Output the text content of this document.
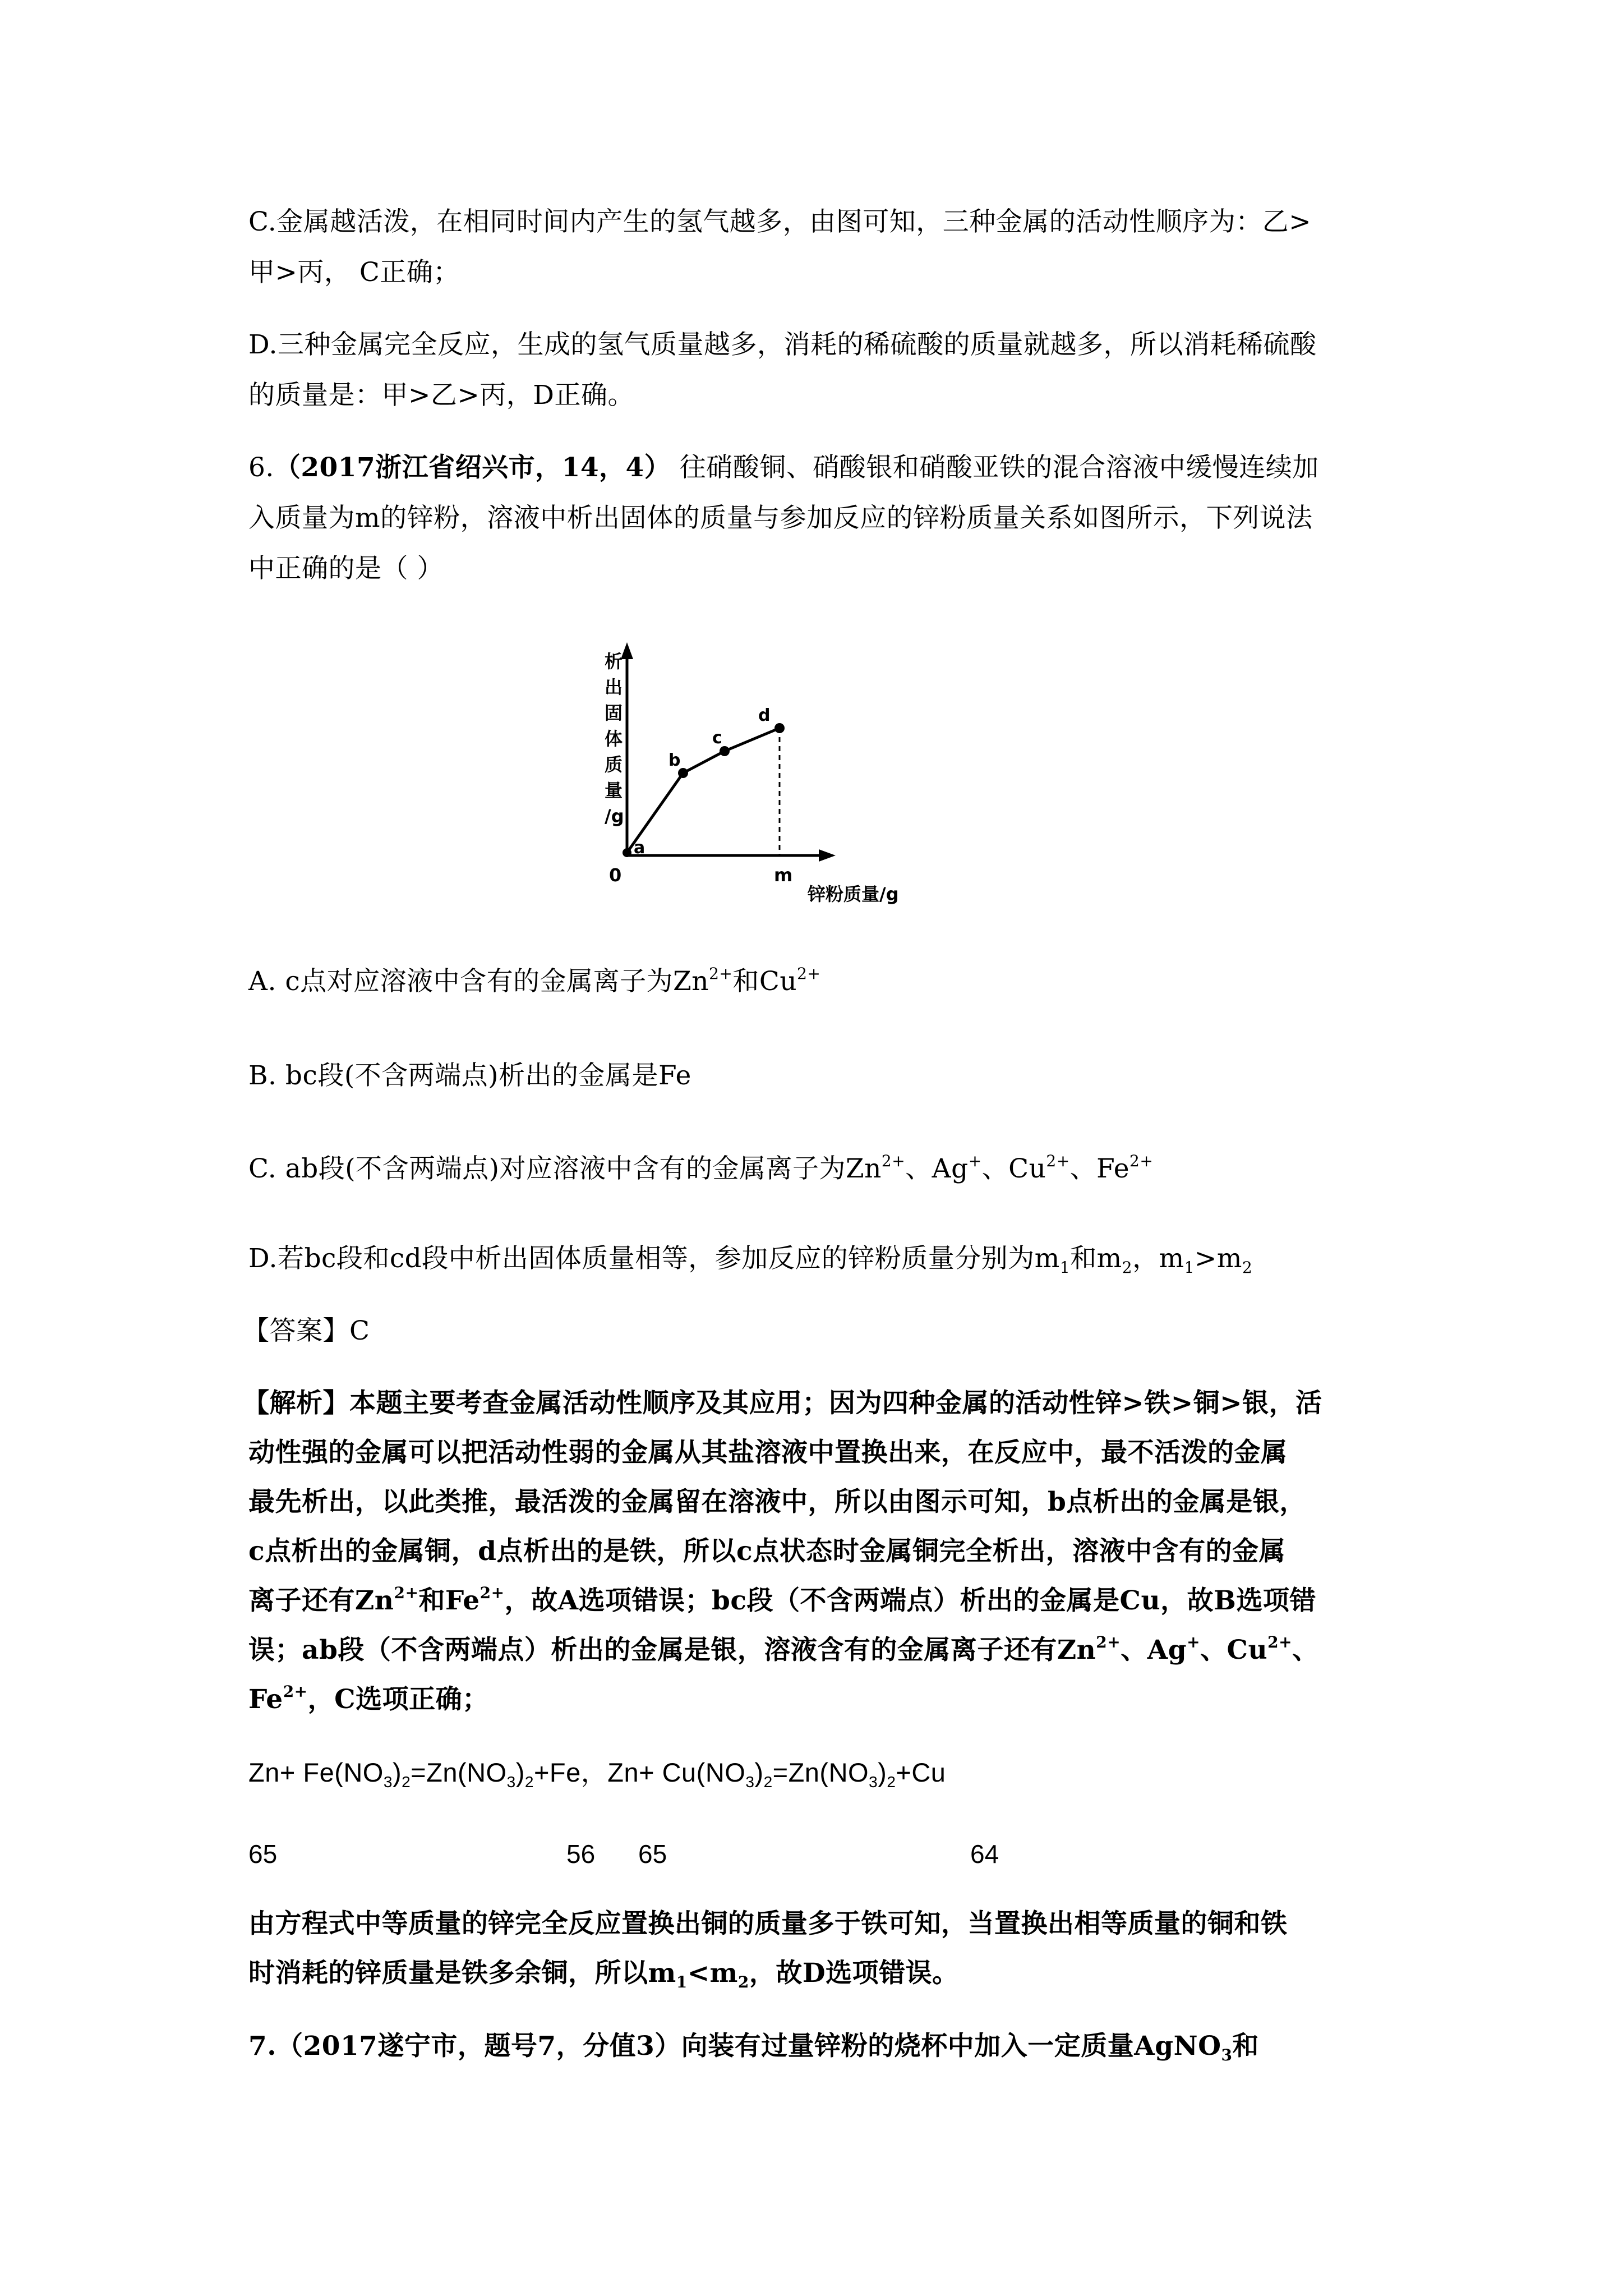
C.金属越活泼，在相同时间内产生的氢气越多，由图可知，三种金属的活动性顺序为：乙>
甲>丙， C正确；
D.三种金属完全反应，生成的氢气质量越多，消耗的稀硫酸的质量就越多，所以消耗稀硫酸
的质量是：甲>乙>丙，D正确。
6.（2017浙江省绍兴市，14，4） 往硝酸铜、硝酸银和硝酸亚铁的混合溶液中缓慢连续加
入质量为m的锌粉，溶液中析出固体的质量与参加反应的锌粉质量关系如图所示，下列说法
中正确的是（ ）
析
出
固
体
质
量
/g
a
b
c
d
0	m
锌粉质量/g
A. c点对应溶液中含有的金属离子为$Zn^{2+}$和$Cu^{2+}$
B. bc段(不含两端点)析出的金属是Fe
C. ab段(不含两端点)对应溶液中含有的金属离子为$Zn^{2+}$、Ag+、$Cu^{2+}$、$Fe^{2+}$
D.若bc段和cd段中析出固体质量相等，参加反应的锌粉质量分别为$m_1$和$m_2$，$m_1>m_2$
【答案】C
【解析】本题主要考查金属活动性顺序及其应用；因为四种金属的活动性锌>铁>铜>银，活
动性强的金属可以把活动性弱的金属从其盐溶液中置换出来，在反应中，最不活泼的金属
最先析出，以此类推，最活泼的金属留在溶液中，所以由图示可知，b点析出的金属是银，
c点析出的金属铜，d点析出的是铁，所以c点状态时金属铜完全析出，溶液中含有的金属
离子还有$Zn^{2+}$和$Fe^{2+}$，故A选项错误；bc段（不含两端点）析出的金属是Cu，故B选项错
误；ab段（不含两端点）析出的金属是银，溶液含有的金属离子还有$Zn^{2+}$、Ag+、$Cu^{2+}$、
$Fe^{2+}$，C选项正确；
$Zn+ Fe(NO_3)_2=Zn(NO_3)_2+Fe$，$Zn+ Cu(NO_3)_2=Zn(NO_3)_2+Cu$
65	56 65	64
由方程式中等质量的锌完全反应置换出铜的质量多于铁可知，当置换出相等质量的铜和铁
时消耗的锌质量是铁多余铜，所以$m_1<m_2$，故D选项错误。
7.（2017遂宁市，题号7，分值3）向装有过量锌粉的烧杯中加入一定质量AgNO$_3$和
